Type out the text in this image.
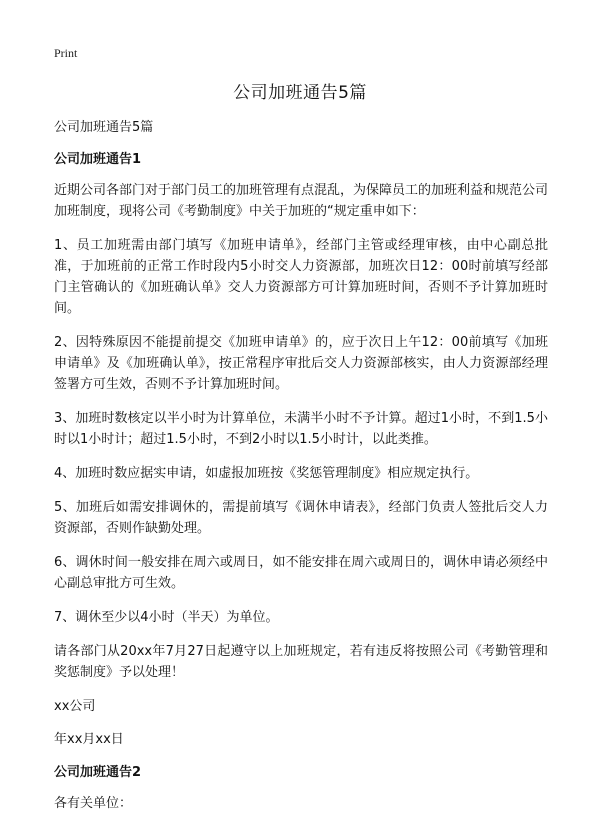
Print
公司加班通告5篇

公司加班通告5篇

公司加班通告1

近期公司各部门对于部门员工的加班管理有点混乱，为保障员工的加班利益和规范公司加班制度，现将公司《考勤制度》中关于加班的“规定重申如下：

1、员工加班需由部门填写《加班申请单》，经部门主管或经理审核，由中心副总批准，于加班前的正常工作时段内5小时交人力资源部，加班次日12：00时前填写经部门主管确认的《加班确认单》交人力资源部方可计算加班时间，否则不予计算加班时间。

2、因特殊原因不能提前提交《加班申请单》的，应于次日上午12：00前填写《加班申请单》及《加班确认单》，按正常程序审批后交人力资源部核实，由人力资源部经理签署方可生效，否则不予计算加班时间。

3、加班时数核定以半小时为计算单位，未满半小时不予计算。超过1小时，不到1.5小时以1小时计；超过1.5小时，不到2小时以1.5小时计，以此类推。

4、加班时数应据实申请，如虚报加班按《奖惩管理制度》相应规定执行。

5、加班后如需安排调休的，需提前填写《调休申请表》，经部门负责人签批后交人力资源部，否则作缺勤处理。

6、调休时间一般安排在周六或周日，如不能安排在周六或周日的，调休申请必须经中心副总审批方可生效。

7、调休至少以4小时（半天）为单位。

请各部门从20xx年7月27日起遵守以上加班规定，若有违反将按照公司《考勤管理和奖惩制度》予以处理！

xx公司

年xx月xx日

公司加班通告2

各有关单位：
